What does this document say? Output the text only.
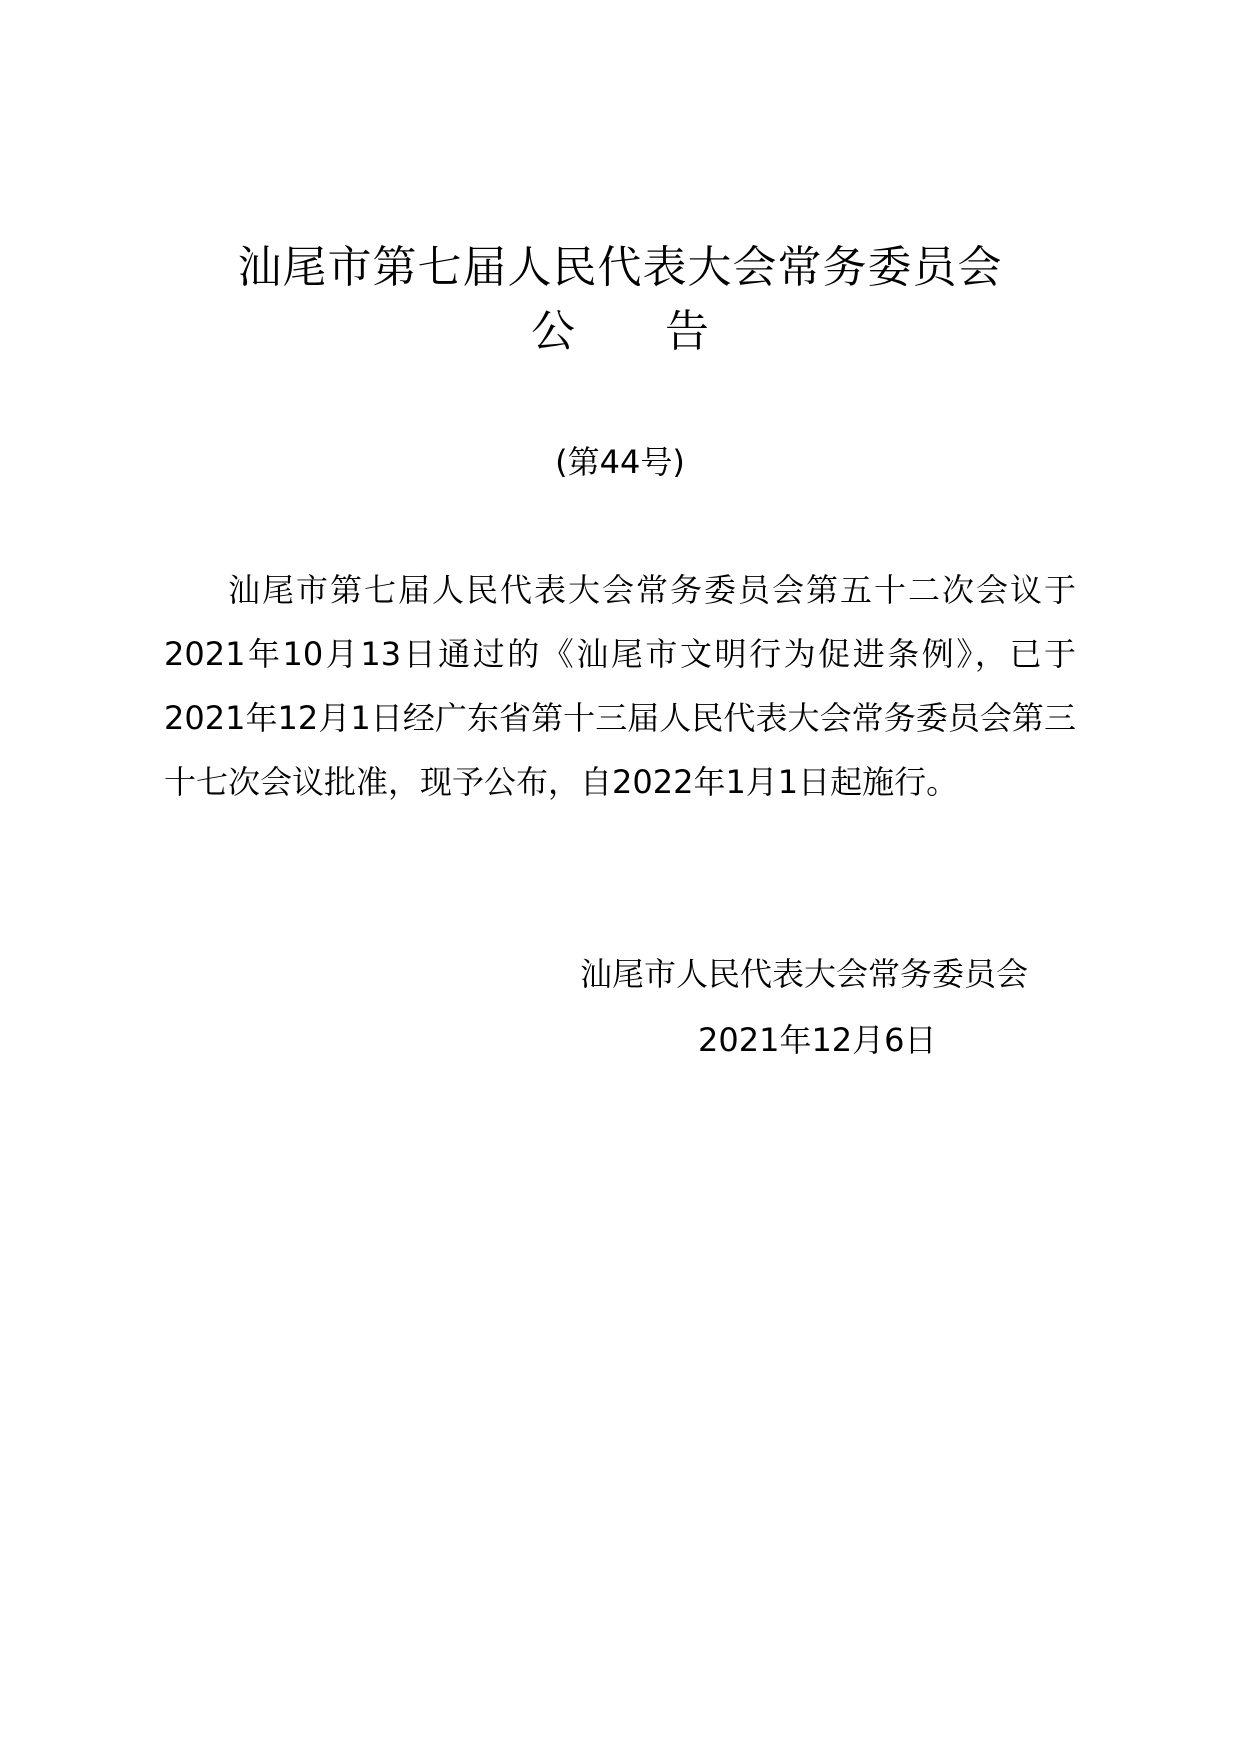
汕尾市第七届人民代表大会常务委员会
公 告
(第44号)

汕尾市第七届人民代表大会常务委员会第五十二次会议于2021年10月13日通过的《汕尾市文明行为促进条例》，已于2021年12月1日经广东省第十三届人民代表大会常务委员会第三十七次会议批准，现予公布，自2022年1月1日起施行。

汕尾市人民代表大会常务委员会
2021年12月6日
